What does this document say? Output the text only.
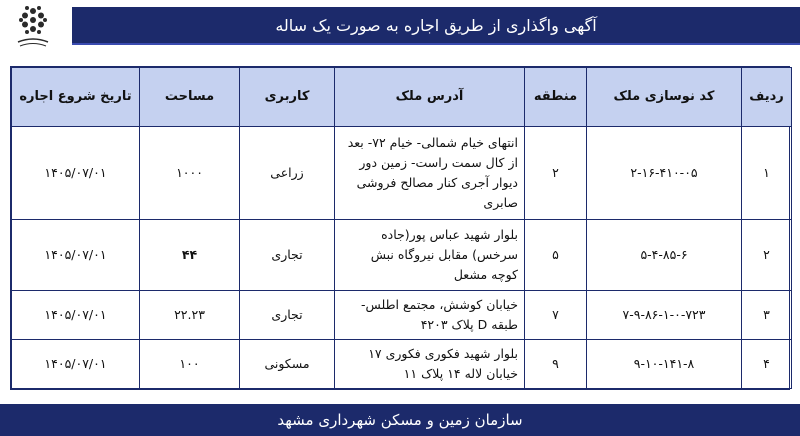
آگهی واگذاری از طریق اجاره به صورت یک ساله
ردیف	کد نوسازی ملک	منطقه	آدرس ملک	کاربری	مساحت	تاریخ شروع اجاره
۱	۲-۱۶-۴۱۰-۰۵	۲	انتهای خیام شمالی- خیام ۷۲- بعد از کال سمت راست- زمین دور دیوار آجری کنار مصالح فروشی صابری	زراعی	۱۰۰۰	۱۴۰۵/۰۷/۰۱
۲	۵-۴-۸۵-۶	۵	بلوار شهید عباس پور(جاده سرخس) مقابل نیروگاه نبش کوچه مشعل	تجاری	۴۴	۱۴۰۵/۰۷/۰۱
۳	۷-۹-۸۶-۱-۰-۷۲۳	۷	خیابان کوشش، مجتمع اطلس- طبقه D پلاک ۴۲۰۳	تجاری	۲۲.۲۳	۱۴۰۵/۰۷/۰۱
۴	۹-۱۰-۱۴۱-۸	۹	بلوار شهید فکوری فکوری ۱۷ خیابان لاله ۱۴ پلاک ۱۱	مسکونی	۱۰۰	۱۴۰۵/۰۷/۰۱
سازمان زمین و مسکن شهرداری مشهد
